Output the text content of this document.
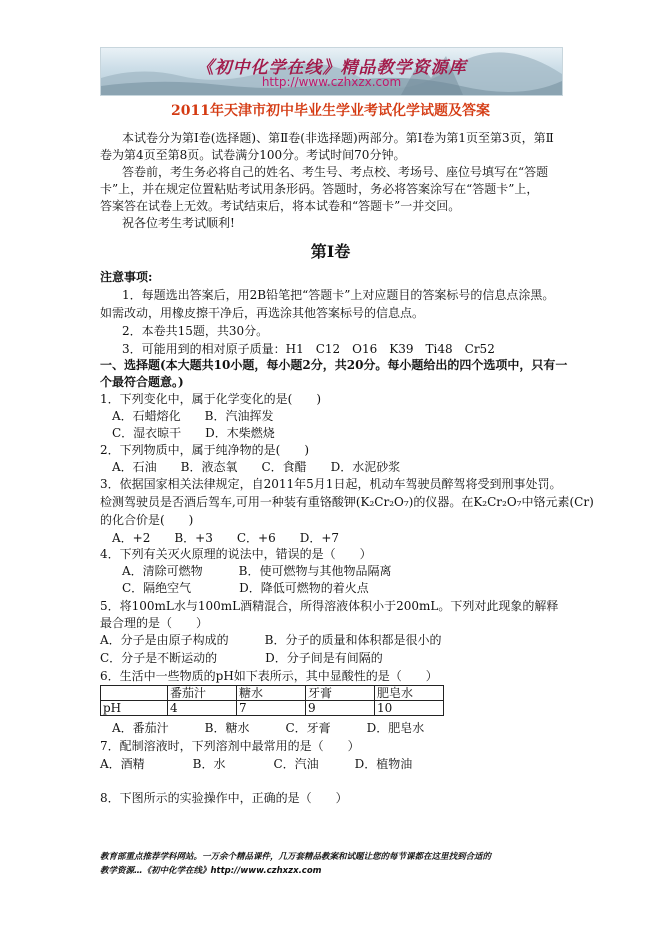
《初中化学在线》精品教学资源库
http://www.czhxzx.com
2011年天津市初中毕业生学业考试化学试题及答案
本试卷分为第Ⅰ卷(选择题)、第Ⅱ卷(非选择题)两部分。第Ⅰ卷为第1页至第3页，第Ⅱ
卷为第4页至第8页。试卷满分100分。考试时间70分钟。
答卷前，考生务必将自己的姓名、考生号、考点校、考场号、座位号填写在“答题
卡”上，并在规定位置粘贴考试用条形码。答题时，务必将答案涂写在“答题卡”上，
答案答在试卷上无效。考试结束后，将本试卷和“答题卡”一并交回。
祝各位考生考试顺利!
第Ⅰ卷
注意事项:
1．每题选出答案后，用2B铅笔把“答题卡”上对应题目的答案标号的信息点涂黑。
如需改动，用橡皮擦干净后，再选涂其他答案标号的信息点。
2．本卷共15题，共30分。
3．可能用到的相对原子质量：H1　C12　O16　K39　Ti48　Cr52
一、选择题(本大题共10小题，每小题2分，共20分。每小题给出的四个选项中，只有一
个最符合题意。)
1．下列变化中，属于化学变化的是(　　)
A．石蜡熔化　　B．汽油挥发
C．湿衣晾干　　D．木柴燃烧
2．下列物质中，属于纯净物的是(　　)
A．石油　　B．液态氧　　C．食醋　　D．水泥砂浆
3．依据国家相关法律规定，自2011年5月1日起，机动车驾驶员醉驾将受到刑事处罚。
检测驾驶员是否酒后驾车,可用一种装有重铬酸钾(K₂Cr₂O₇)的仪器。在K₂Cr₂O₇中铬元素(Cr)
的化合价是(　　)
A．+2　　B．+3　　C．+6　　D．+7
4．下列有关灭火原理的说法中，错误的是（　　）
A．清除可燃物　　　B．使可燃物与其他物品隔离
C．隔绝空气　　　　D．降低可燃物的着火点
5．将100mL水与100mL酒精混合，所得溶液体积小于200mL。下列对此现象的解释
最合理的是（　　）
A．分子是由原子构成的　　　B．分子的质量和体积都是很小的
C．分子是不断运动的　　　　D．分子间是有间隔的
6．生活中一些物质的pH如下表所示，其中显酸性的是（　　）
	番茄汁	糖水	牙膏	肥皂水
pH	4	7	9	10
A．番茄汁　　　B．糖水　　　C．牙膏　　　D．肥皂水
7．配制溶液时，下列溶剂中最常用的是（　　）
A．酒精　　　　B．水　　　　C．汽油　　　D．植物油
8．下图所示的实验操作中，正确的是（　　）
教育部重点推荐学科网站。一万余个精品课件，几万套精品教案和试题让您的每节课都在这里找到合适的
教学资源…《初中化学在线》http://www.czhxzx.com
